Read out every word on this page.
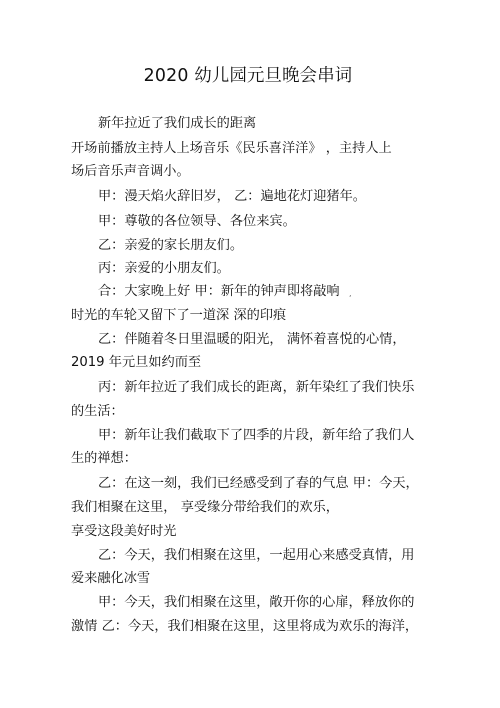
2020 幼儿园元旦晚会串词
新年拉近了我们成长的距离
开场前播放主持人上场音乐《民乐喜洋洋》 ，主持人上
场后音乐声音调小。
甲：漫天焰火辞旧岁， 乙：遍地花灯迎猪年。
甲：尊敬的各位领导、各位来宾。
乙：亲爱的家长朋友们。
丙：亲爱的小朋友们。
合：大家晚上好 甲：新年的钟声即将敲响 ,
时光的车轮又留下了一道深 深的印痕
乙：伴随着冬日里温暖的阳光， 满怀着喜悦的心情，
2019 年元旦如约而至
丙：新年拉近了我们成长的距离，新年染红了我们快乐
的生活：
甲：新年让我们截取下了四季的片段，新年给了我们人
生的禅想：
乙：在这一刻，我们已经感受到了春的气息 甲：今天，
我们相聚在这里， 享受缘分带给我们的欢乐，
享受这段美好时光
乙：今天，我们相聚在这里，一起用心来感受真情，用
爱来融化冰雪
甲：今天，我们相聚在这里，敞开你的心扉，释放你的
激情 乙：今天，我们相聚在这里，这里将成为欢乐的海洋，
